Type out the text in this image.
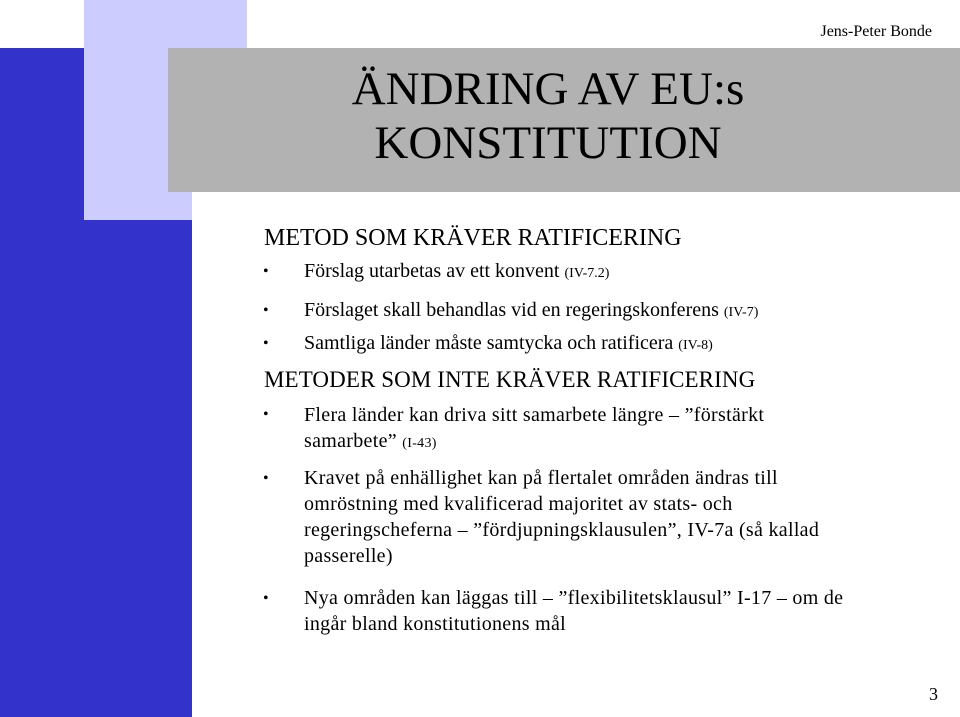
Jens-Peter Bonde
ÄNDRING AV EU:s
KONSTITUTION
METOD SOM KRÄVER RATIFICERING
• Förslag utarbetas av ett konvent (IV-7.2)
• Förslaget skall behandlas vid en regeringskonferens (IV-7)
• Samtliga länder måste samtycka och ratificera (IV-8)
METODER SOM INTE KRÄVER RATIFICERING
• Flera länder kan driva sitt samarbete längre – ”förstärkt
samarbete” (I-43)
• Kravet på enhällighet kan på flertalet områden ändras till
omröstning med kvalificerad majoritet av stats- och
regeringscheferna – ”fördjupningsklausulen”, IV-7a (så kallad
passerelle)
• Nya områden kan läggas till – ”flexibilitetsklausul” I-17 – om de
ingår bland konstitutionens mål
3
